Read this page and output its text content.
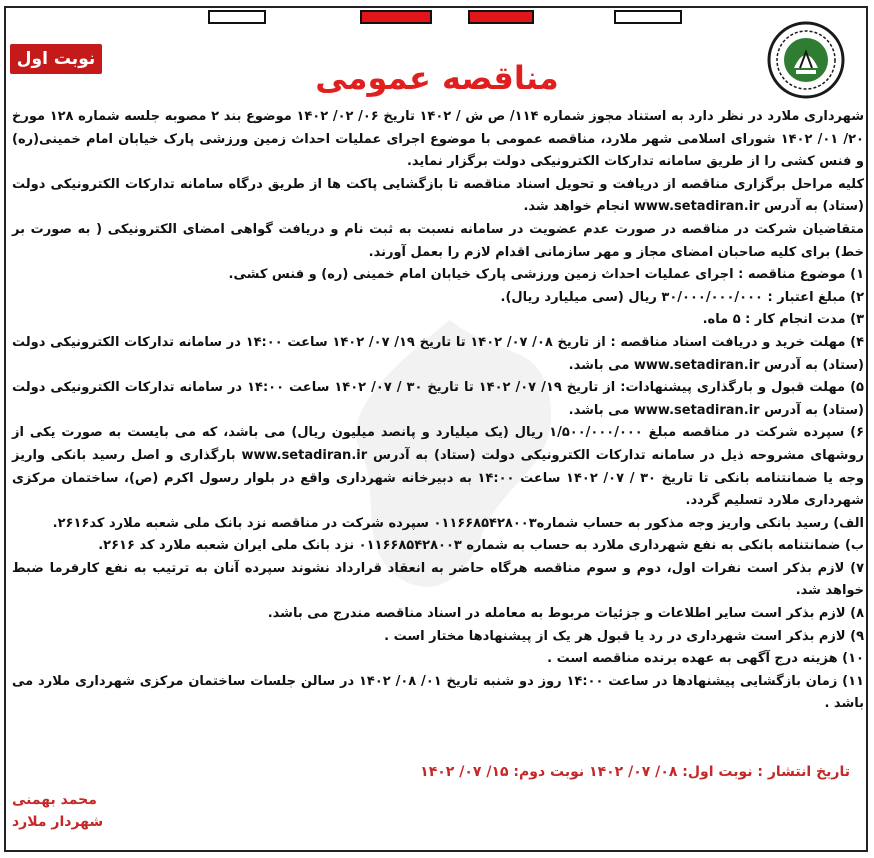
نوبت اول	مناقصه عمومی

شهرداری ملارد در نظر دارد به استناد مجوز شماره ۱۱۴/ ص ش / ۱۴۰۲ تاریخ ۰۶/ ۰۲/ ۱۴۰۲ موضوع بند ۲ مصوبه جلسه شماره ۱۲۸ مورخ ۲۰/ ۰۱/ ۱۴۰۲ شورای اسلامی شهر ملارد، مناقصه عمومی با موضوع اجرای عملیات احداث زمین ورزشی پارک خیابان امام خمینی(ره) و فنس کشی را از طریق سامانه تدارکات الکترونیکی دولت برگزار نماید.

کلیه مراحل برگزاری مناقصه از دریافت و تحویل اسناد مناقصه تا بازگشایی پاکت ها از طریق درگاه سامانه تدارکات الکترونیکی دولت (ستاد) به آدرس www.setadiran.ir انجام خواهد شد.

متقاضیان شرکت در مناقصه در صورت عدم عضویت در سامانه نسبت به ثبت نام و دریافت گواهی امضای الکترونیکی ( به صورت بر خط) برای کلیه صاحبان امضای مجاز و مهر سازمانی اقدام لازم را بعمل آورند.

۱) موضوع مناقصه : اجرای عملیات احداث زمین ورزشی پارک خیابان امام خمینی (ره) و فنس کشی.

۲) مبلغ اعتبار : ۳۰/۰۰۰/۰۰۰/۰۰۰ ریال (سی میلیارد ریال).

۳) مدت انجام کار : ۵ ماه.

۴) مهلت خرید و دریافت اسناد مناقصه : از تاریخ ۰۸/ ۰۷/ ۱۴۰۲ تا تاریخ ۱۹/ ۰۷/ ۱۴۰۲ ساعت ۱۴:۰۰ در سامانه تدارکات الکترونیکی دولت (ستاد) به آدرس www.setadiran.ir می باشد.

۵) مهلت قبول و بارگذاری پیشنهادات: از تاریخ ۱۹/ ۰۷/ ۱۴۰۲ تا تاریخ ۳۰ / ۰۷/ ۱۴۰۲ ساعت ۱۴:۰۰ در سامانه تدارکات الکترونیکی دولت (ستاد) به آدرس www.setadiran.ir می باشد.

۶) سپرده شرکت در مناقصه مبلغ ۱/۵۰۰/۰۰۰/۰۰۰ ریال (یک میلیارد و پانصد میلیون ریال) می باشد، که می بایست به صورت یکی از روشهای مشروحه ذیل در سامانه تدارکات الکترونیکی دولت (ستاد) به آدرس www.setadiran.ir بارگذاری و اصل رسید بانکی واریز وجه یا ضمانتنامه بانکی تا تاریخ ۳۰ / ۰۷/ ۱۴۰۲ ساعت ۱۴:۰۰ به دبیرخانه شهرداری واقع در بلوار رسول اکرم (ص)، ساختمان مرکزی شهرداری ملارد تسلیم گردد.

الف) رسید بانکی واریز وجه مذکور به حساب شماره۰۱۱۶۶۸۵۴۲۸۰۰۳ سپرده شرکت در مناقصه نزد بانک ملی شعبه ملارد کد۲۶۱۶.

ب) ضمانتنامه بانکی به نفع شهرداری ملارد به حساب به شماره ۰۱۱۶۶۸۵۴۲۸۰۰۳ نزد بانک ملی ایران شعبه ملارد کد ۲۶۱۶.

۷) لازم بذکر است نفرات اول، دوم و سوم مناقصه هرگاه حاضر به انعقاد قرارداد نشوند سپرده آنان به ترتیب به نفع کارفرما ضبط خواهد شد.

۸) لازم بذکر است سایر اطلاعات و جزئیات مربوط به معامله در اسناد مناقصه مندرج می باشد.

۹) لازم بذکر است شهرداری در رد یا قبول هر یک از پیشنهادها مختار است .

۱۰) هزینه درج آگهی به عهده برنده مناقصه است .

۱۱) زمان بازگشایی پیشنهادها در ساعت ۱۴:۰۰ روز دو شنبه تاریخ ۰۱/ ۰۸/ ۱۴۰۲ در سالن جلسات ساختمان مرکزی شهرداری ملارد می باشد .

تاریخ انتشار : نوبت اول: ۰۸/ ۰۷/ ۱۴۰۲ نوبت دوم: ۱۵/ ۰۷/ ۱۴۰۲
محمد بهمنی
شهردار ملارد
